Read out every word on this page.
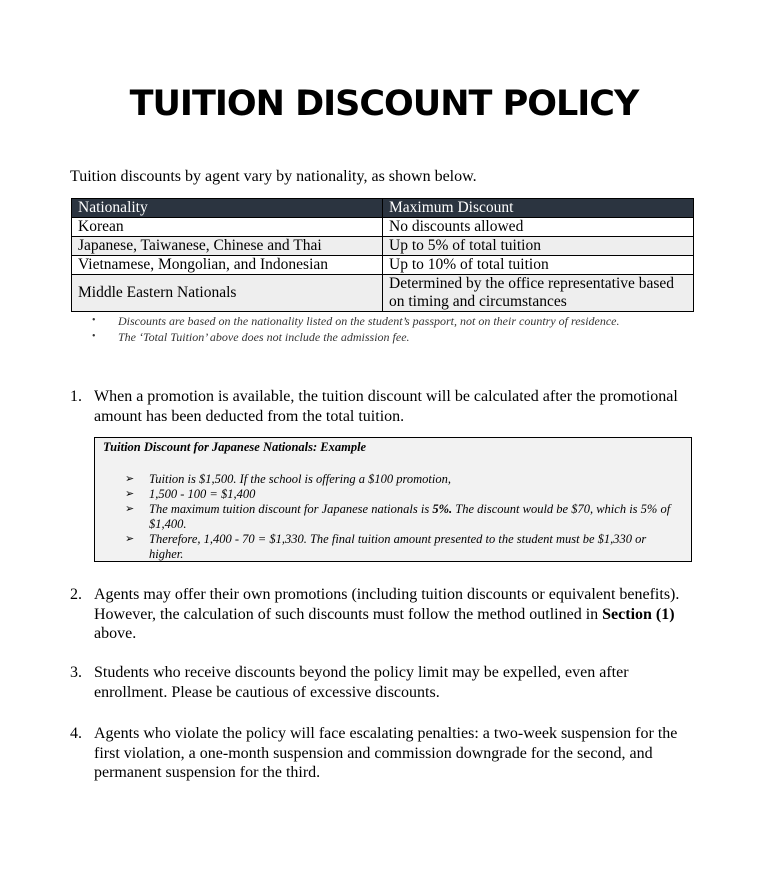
TUITION DISCOUNT POLICY
Tuition discounts by agent vary by nationality, as shown below.
Nationality	Maximum Discount
Korean	No discounts allowed
Japanese, Taiwanese, Chinese and Thai	Up to 5% of total tuition
Vietnamese, Mongolian, and Indonesian	Up to 10% of total tuition
Middle Eastern Nationals	Determined by the office representative based on timing and circumstances
• Discounts are based on the nationality listed on the student’s passport, not on their country of residence.
• The ‘Total Tuition’ above does not include the admission fee.
1. When a promotion is available, the tuition discount will be calculated after the promotional amount has been deducted from the total tuition.
Tuition Discount for Japanese Nationals: Example
➢ Tuition is $1,500. If the school is offering a $100 promotion,
➢ 1,500 - 100 = $1,400
➢ The maximum tuition discount for Japanese nationals is 5%. The discount would be $70, which is 5% of $1,400.
➢ Therefore, 1,400 - 70 = $1,330. The final tuition amount presented to the student must be $1,330 or higher.
2. Agents may offer their own promotions (including tuition discounts or equivalent benefits). However, the calculation of such discounts must follow the method outlined in Section (1) above.
3. Students who receive discounts beyond the policy limit may be expelled, even after enrollment. Please be cautious of excessive discounts.
4. Agents who violate the policy will face escalating penalties: a two-week suspension for the first violation, a one-month suspension and commission downgrade for the second, and permanent suspension for the third.
